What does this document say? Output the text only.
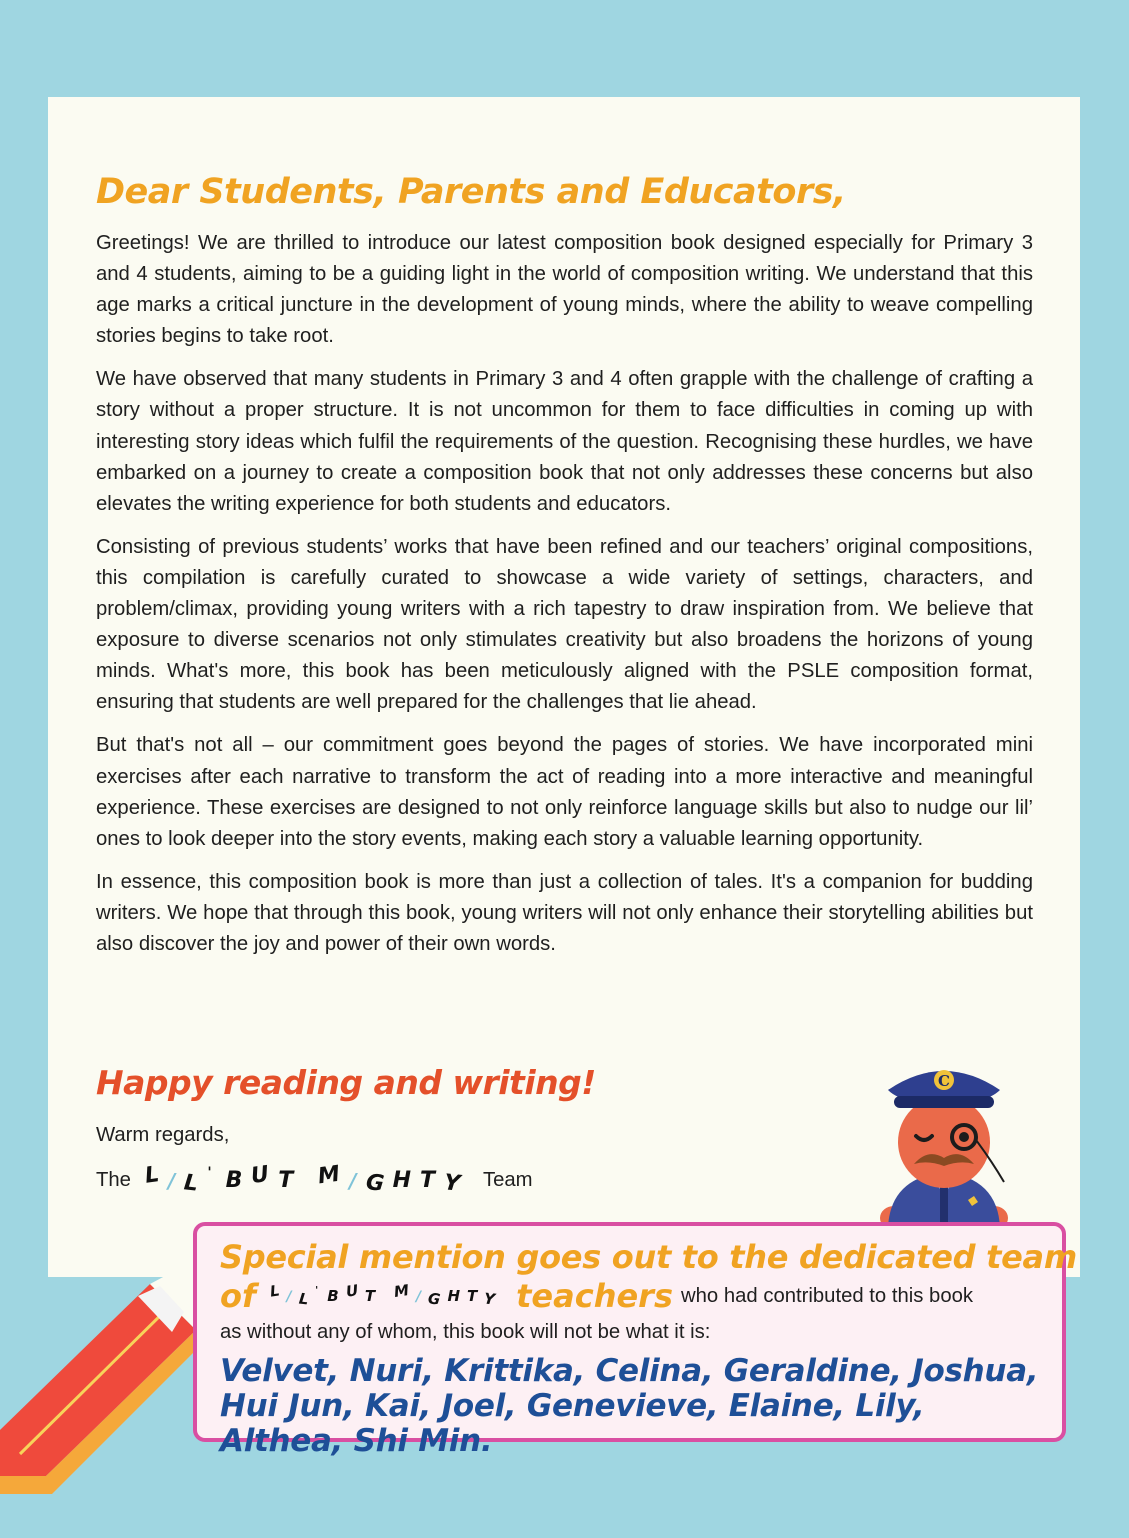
Dear Students, Parents and Educators,

Greetings! We are thrilled to introduce our latest composition book designed especially for Primary 3 and 4 students, aiming to be a guiding light in the world of composition writing. We understand that this age marks a critical juncture in the development of young minds, where the ability to weave compelling stories begins to take root.

We have observed that many students in Primary 3 and 4 often grapple with the challenge of crafting a story without a proper structure. It is not uncommon for them to face difficulties in coming up with interesting story ideas which fulfil the requirements of the question. Recognising these hurdles, we have embarked on a journey to create a composition book that not only addresses these concerns but also elevates the writing experience for both students and educators.

Consisting of previous students’ works that have been refined and our teachers’ original compositions, this compilation is carefully curated to showcase a wide variety of settings, characters, and problem/climax, providing young writers with a rich tapestry to draw inspiration from. We believe that exposure to diverse scenarios not only stimulates creativity but also broadens the horizons of young minds. What's more, this book has been meticulously aligned with the PSLE composition format, ensuring that students are well prepared for the challenges that lie ahead.

But that's not all – our commitment goes beyond the pages of stories. We have incorporated mini exercises after each narrative to transform the act of reading into a more interactive and meaningful experience. These exercises are designed to not only reinforce language skills but also to nudge our lil’ ones to look deeper into the story events, making each story a valuable learning opportunity.

In essence, this composition book is more than just a collection of tales. It's a companion for budding writers. We hope that through this book, young writers will not only enhance their storytelling abilities but also discover the joy and power of their own words.

Happy reading and writing!
Warm regards,
The L / L ' B U T M / G H T Y Team
C
Special mention goes out to the dedicated team
of L / L ' B U T M / G H T Y teachers who had contributed to this book
as without any of whom, this book will not be what it is:

Velvet, Nuri, Krittika, Celina, Geraldine, Joshua, Hui Jun, Kai, Joel, Genevieve, Elaine, Lily, Althea, Shi Min.
